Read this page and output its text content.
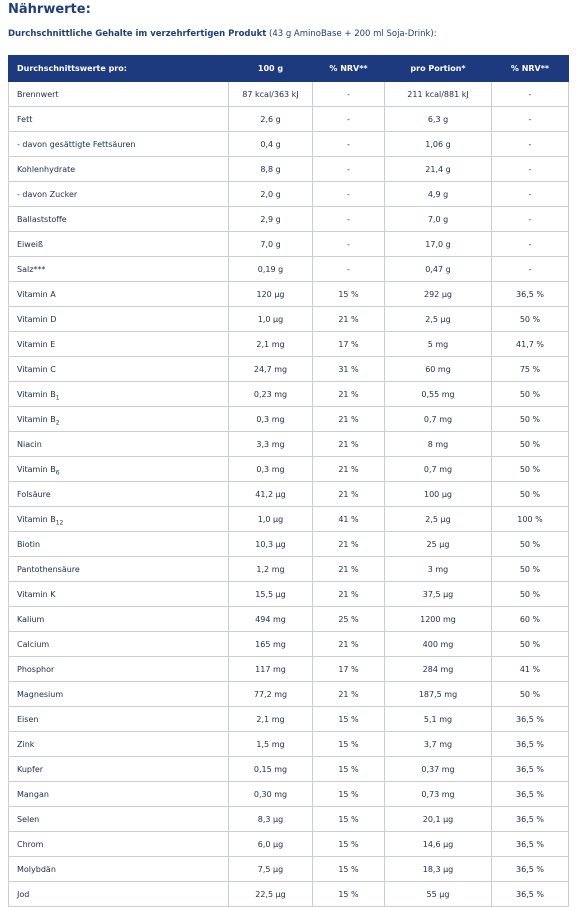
Nährwerte:
Durchschnittliche Gehalte im verzehrfertigen Produkt (43 g AminoBase + 200 ml Soja-Drink):
Durchschnittswerte pro:	100 g	% NRV**	pro Portion*	% NRV**
Brennwert	87 kcal/363 kJ	-	211 kcal/881 kJ	-
Fett	2,6 g	-	6,3 g	-
- davon gesättigte Fettsäuren	0,4 g	-	1,06 g	-
Kohlenhydrate	8,8 g	-	21,4 g	-
- davon Zucker	2,0 g	-	4,9 g	-
Ballaststoffe	2,9 g	-	7,0 g	-
Eiweiß	7,0 g	-	17,0 g	-
Salz***	0,19 g	-	0,47 g	-
Vitamin A	120 µg	15 %	292 µg	36,5 %
Vitamin D	1,0 µg	21 %	2,5 µg	50 %
Vitamin E	2,1 mg	17 %	5 mg	41,7 %
Vitamin C	24,7 mg	31 %	60 mg	75 %
Vitamin $B_1$	0,23 mg	21 %	0,55 mg	50 %
Vitamin $B_2$	0,3 mg	21 %	0,7 mg	50 %
Niacin	3,3 mg	21 %	8 mg	50 %
Vitamin $B_6$	0,3 mg	21 %	0,7 mg	50 %
Folsäure	41,2 µg	21 %	100 µg	50 %
Vitamin $B_{12}$	1,0 µg	41 %	2,5 µg	100 %
Biotin	10,3 µg	21 %	25 µg	50 %
Pantothensäure	1,2 mg	21 %	3 mg	50 %
Vitamin K	15,5 µg	21 %	37,5 µg	50 %
Kalium	494 mg	25 %	1200 mg	60 %
Calcium	165 mg	21 %	400 mg	50 %
Phosphor	117 mg	17 %	284 mg	41 %
Magnesium	77,2 mg	21 %	187,5 mg	50 %
Eisen	2,1 mg	15 %	5,1 mg	36,5 %
Zink	1,5 mg	15 %	3,7 mg	36,5 %
Kupfer	0,15 mg	15 %	0,37 mg	36,5 %
Mangan	0,30 mg	15 %	0,73 mg	36,5 %
Selen	8,3 µg	15 %	20,1 µg	36,5 %
Chrom	6,0 µg	15 %	14,6 µg	36,5 %
Molybdän	7,5 µg	15 %	18,3 µg	36,5 %
Jod	22,5 µg	15 %	55 µg	36,5 %
